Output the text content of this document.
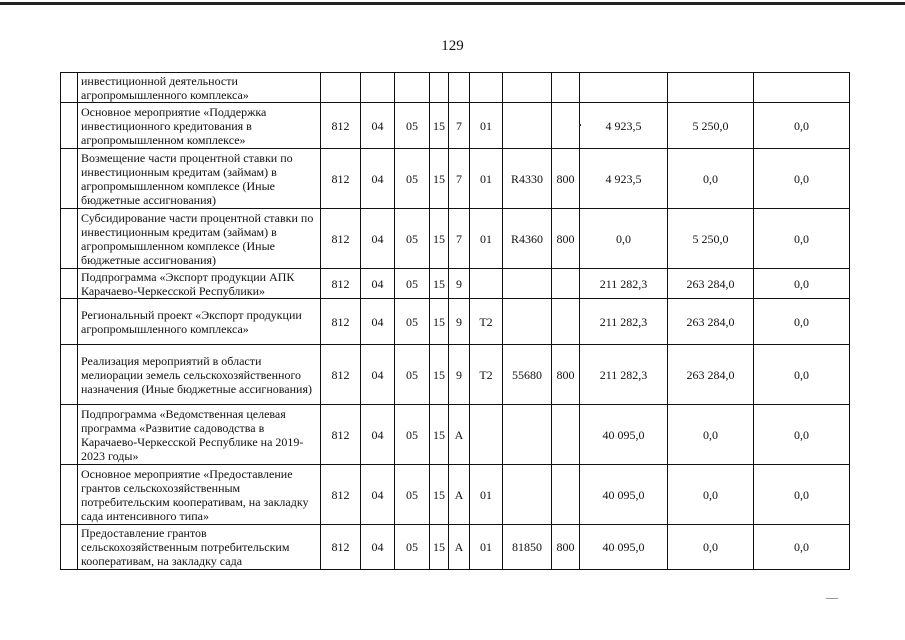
129
	инвестиционной деятельности агропромышленного комплекса»											
	Основное мероприятие «Поддержка инвестиционного кредитования в агропромышленном комплексе»	812	04	05	15	7	01			4 923,5	5 250,0	0,0
	Возмещение части процентной ставки по инвестиционным кредитам (займам) в агропромышленном комплексе (Иные бюджетные ассигнования)	812	04	05	15	7	01	R4330	800	4 923,5	0,0	0,0
	Субсидирование части процентной ставки по инвестиционным кредитам (займам) в агропромышленном комплексе (Иные бюджетные ассигнования)	812	04	05	15	7	01	R4360	800	0,0	5 250,0	0,0
	Подпрограмма «Экспорт продукции АПК Карачаево-Черкесской Республики»	812	04	05	15	9				211 282,3	263 284,0	0,0
	Региональный проект «Экспорт продукции агропромышленного комплекса»	812	04	05	15	9	T2			211 282,3	263 284,0	0,0
	Реализация мероприятий в области мелиорации земель сельскохозяйственного назначения (Иные бюджетные ассигнования)	812	04	05	15	9	T2	55680	800	211 282,3	263 284,0	0,0
	Подпрограмма «Ведомственная целевая программа «Развитие садоводства в Карачаево-Черкесской Республике на 2019-2023 годы»	812	04	05	15	А				40 095,0	0,0	0,0
	Основное мероприятие «Предоставление грантов сельскохозяйственным потребительским кооперативам, на закладку сада интенсивного типа»	812	04	05	15	А	01			40 095,0	0,0	0,0
	Предоставление грантов сельскохозяйственным потребительским кооперативам, на закладку сада	812	04	05	15	А	01	81850	800	40 095,0	0,0	0,0
